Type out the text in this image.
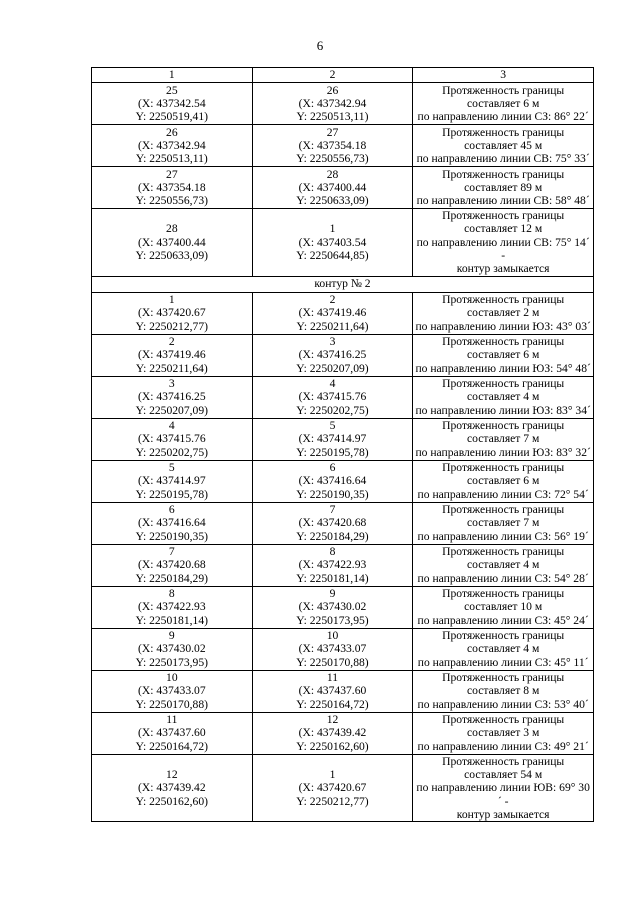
6
1	2	3

25
(X: 437342.54
Y: 2250519,41)	26
(X: 437342.94
Y: 2250513,11)	Протяженность границы составляет 6 м
по направлению линии СЗ: 86° 22´

26
(X: 437342.94
Y: 2250513,11)	27
(X: 437354.18
Y: 2250556,73)	Протяженность границы составляет 45 м
по направлению линии СВ: 75° 33´

27
(X: 437354.18
Y: 2250556,73)	28
(X: 437400.44
Y: 2250633,09)	Протяженность границы составляет 89 м
по направлению линии СВ: 58° 48´

28
(X: 437400.44
Y: 2250633,09)	1
(X: 437403.54
Y: 2250644,85)	Протяженность границы составляет 12 м
по направлению линии СВ: 75° 14´ -
контур замыкается

контур № 2		

1
(X: 437420.67
Y: 2250212,77)	2
(X: 437419.46
Y: 2250211,64)	Протяженность границы составляет 2 м
по направлению линии ЮЗ: 43° 03´

2
(X: 437419.46
Y: 2250211,64)	3
(X: 437416.25
Y: 2250207,09)	Протяженность границы составляет 6 м
по направлению линии ЮЗ: 54° 48´

3
(X: 437416.25
Y: 2250207,09)	4
(X: 437415.76
Y: 2250202,75)	Протяженность границы составляет 4 м
по направлению линии ЮЗ: 83° 34´

4
(X: 437415.76
Y: 2250202,75)	5
(X: 437414.97
Y: 2250195,78)	Протяженность границы составляет 7 м
по направлению линии ЮЗ: 83° 32´

5
(X: 437414.97
Y: 2250195,78)	6
(X: 437416.64
Y: 2250190,35)	Протяженность границы составляет 6 м
по направлению линии СЗ: 72° 54´

6
(X: 437416.64
Y: 2250190,35)	7
(X: 437420.68
Y: 2250184,29)	Протяженность границы составляет 7 м
по направлению линии СЗ: 56° 19´

7
(X: 437420.68
Y: 2250184,29)	8
(X: 437422.93
Y: 2250181,14)	Протяженность границы составляет 4 м
по направлению линии СЗ: 54° 28´

8
(X: 437422.93
Y: 2250181,14)	9
(X: 437430.02
Y: 2250173,95)	Протяженность границы составляет 10 м
по направлению линии СЗ: 45° 24´

9
(X: 437430.02
Y: 2250173,95)	10
(X: 437433.07
Y: 2250170,88)	Протяженность границы составляет 4 м
по направлению линии СЗ: 45° 11´

10
(X: 437433.07
Y: 2250170,88)	11
(X: 437437.60
Y: 2250164,72)	Протяженность границы составляет 8 м
по направлению линии СЗ: 53° 40´

11
(X: 437437.60
Y: 2250164,72)	12
(X: 437439.42
Y: 2250162,60)	Протяженность границы составляет 3 м
по направлению линии СЗ: 49° 21´

12
(X: 437439.42
Y: 2250162,60)	1
(X: 437420.67
Y: 2250212,77)	Протяженность границы составляет 54 м
по направлению линии ЮВ: 69° 30´ -
контур замыкается
